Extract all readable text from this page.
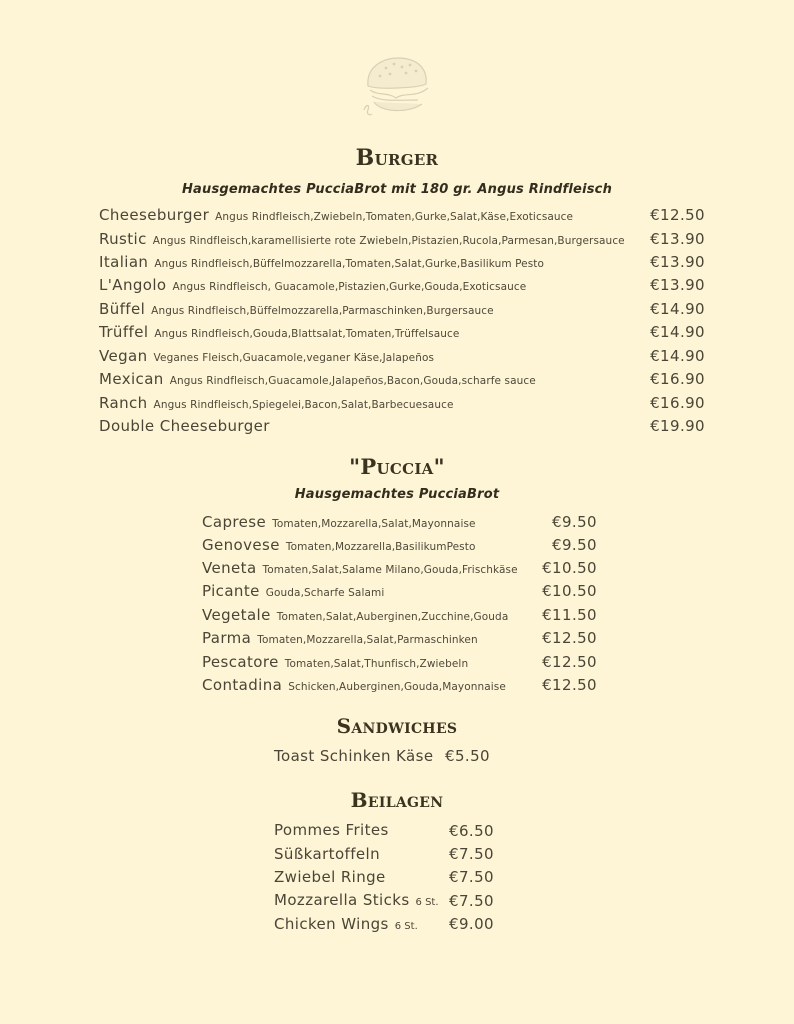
Burger
Hausgemachtes PucciaBrot mit 180 gr. Angus Rindfleisch
Cheeseburger Angus Rindfleisch,Zwiebeln,Tomaten,Gurke,Salat,Käse,Exoticsauce	€12.50
Rustic Angus Rindfleisch,karamellisierte rote Zwiebeln,Pistazien,Rucola,Parmesan,Burgersauce	€13.90
Italian Angus Rindfleisch,Büffelmozzarella,Tomaten,Salat,Gurke,Basilikum Pesto	€13.90
L'Angolo Angus Rindfleisch, Guacamole,Pistazien,Gurke,Gouda,Exoticsauce	€13.90
Büffel Angus Rindfleisch,Büffelmozzarella,Parmaschinken,Burgersauce	€14.90
Trüffel Angus Rindfleisch,Gouda,Blattsalat,Tomaten,Trüffelsauce	€14.90
Vegan Veganes Fleisch,Guacamole,veganer Käse,Jalapeños	€14.90
Mexican Angus Rindfleisch,Guacamole,Jalapeños,Bacon,Gouda,scharfe sauce	€16.90
Ranch Angus Rindfleisch,Spiegelei,Bacon,Salat,Barbecuesauce	€16.90
Double Cheeseburger	€19.90
"Puccia"
Hausgemachtes PucciaBrot
Caprese Tomaten,Mozzarella,Salat,Mayonnaise	€9.50
Genovese Tomaten,Mozzarella,BasilikumPesto	€9.50
Veneta Tomaten,Salat,Salame Milano,Gouda,Frischkäse	€10.50
Picante Gouda,Scharfe Salami	€10.50
Vegetale Tomaten,Salat,Auberginen,Zucchine,Gouda	€11.50
Parma Tomaten,Mozzarella,Salat,Parmaschinken	€12.50
Pescatore Tomaten,Salat,Thunfisch,Zwiebeln	€12.50
Contadina Schicken,Auberginen,Gouda,Mayonnaise	€12.50
Sandwiches
Toast Schinken Käse €5.50
Beilagen
Pommes Frites	€6.50
Süßkartoffeln	€7.50
Zwiebel Ringe	€7.50
Mozzarella Sticks 6 St. €7.50
Chicken Wings 6 St.	€9.00
